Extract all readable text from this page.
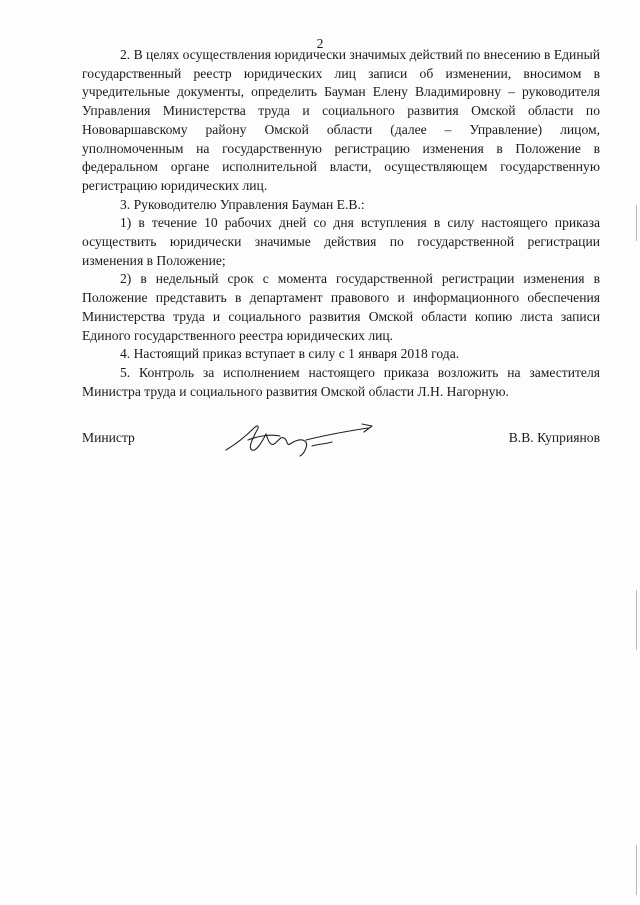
2

2. В целях осуществления юридически значимых действий по внесению в Единый государственный реестр юридических лиц записи об изменении, вносимом в учредительные документы, определить Бауман Елену Владимировну – руководителя Управления Министерства труда и социального развития Омской области по Нововаршавскому району Омской области (далее – Управление) лицом, уполномоченным на государственную регистрацию изменения в Положение в федеральном органе исполнительной власти, осуществляющем государственную регистрацию юридических лиц.

3. Руководителю Управления Бауман Е.В.:

1) в течение 10 рабочих дней со дня вступления в силу настоящего приказа осуществить юридически значимые действия по государственной регистрации изменения в Положение;

2) в недельный срок с момента государственной регистрации изменения в Положение представить в департамент правового и информационного обеспечения Министерства труда и социального развития Омской области копию листа записи Единого государственного реестра юридических лиц.

4. Настоящий приказ вступает в силу с 1 января 2018 года.

5. Контроль за исполнением настоящего приказа возложить на заместителя Министра труда и социального развития Омской области Л.Н. Нагорную.

Министр	В.В. Куприянов
